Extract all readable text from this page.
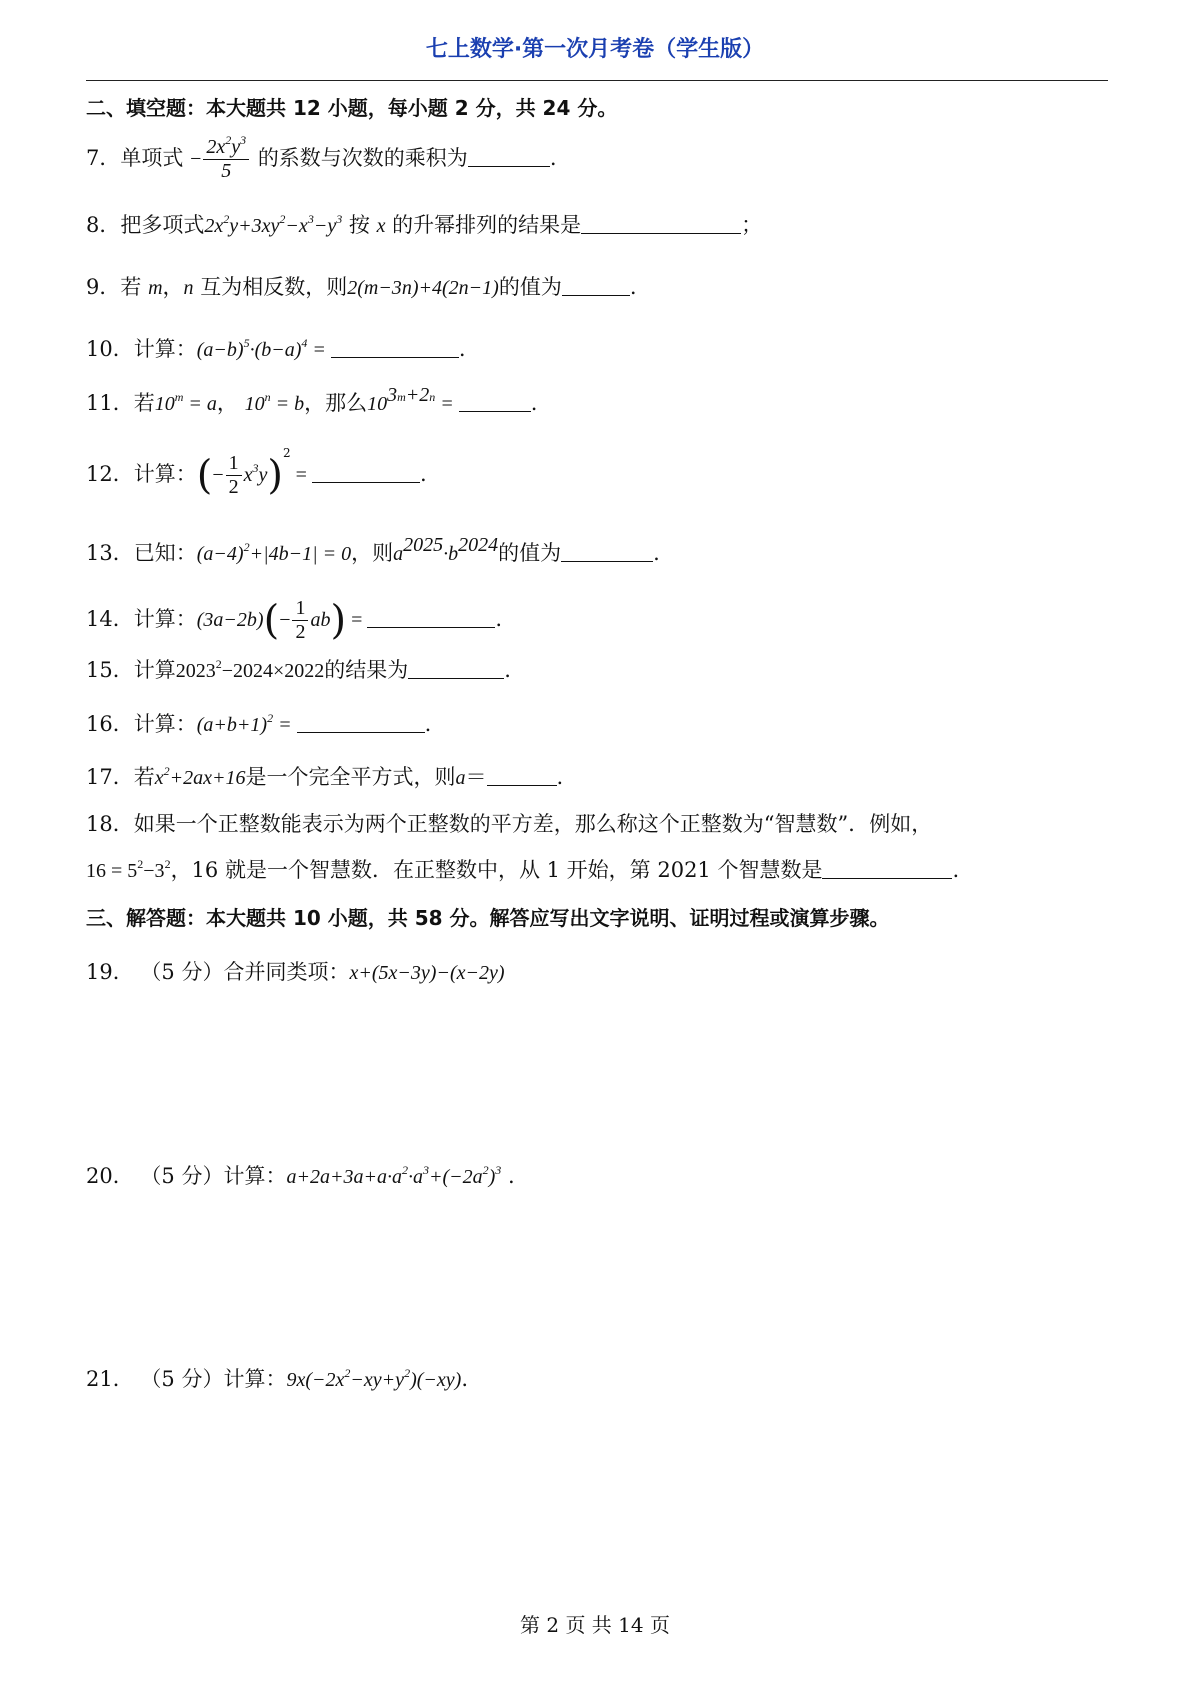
七上数学·第一次月考卷（学生版）
二、填空题：本大题共 12 小题，每小题 2 分，共 24 分。
7．单项式 − $\frac{2x^2y^3}{5}$ 的系数与次数的乘积为	.
8．把多项式$2x^2y+3xy^2-x^3-y^3$ 按 x 的升幂排列的结果是	；
9．若 m，n 互为相反数，则2(m−3n)+4(2n−1)的值为	.
10．计算：$(a-b)^5\cdot(b-a)^4$ =	.
11．若$10^m = a$， $10^n = b$，那么$10^{3m+2n}$ =	.
12．计算：(− $\frac{1}{2} x^3y)^2$ =	.
13．已知：$(a-4)^2+|4b-1| = 0$，则$a^{2025}\cdot b^{2024}$的值为	.
14．计算：$(3a-2b)(- \frac{1}{2} ab)$ =	.
15．计算$2023^2-2024\times 2022$的结果为	.
16．计算：$(a+b+1)^2$ =	.
17．若$x^2+2ax+16$是一个完全平方式，则a＝	.
18．如果一个正整数能表示为两个正整数的平方差，那么称这个正整数为“智慧数”．例如，
$16 = 5^2-3^2$，16 就是一个智慧数．在正整数中，从 1 开始，第 2021 个智慧数是	.
三、解答题：本大题共 10 小题，共 58 分。解答应写出文字说明、证明过程或演算步骤。
19． （5 分）合并同类项：x+(5x−3y)−(x−2y)
20． （5 分）计算：$a+2a+3a+a\cdot a^2\cdot a^3+(-2a^2)^3$ .
21． （5 分）计算：$9x(-2x^2-xy+y^2)(-xy)$.
第 2 页 共 14 页
